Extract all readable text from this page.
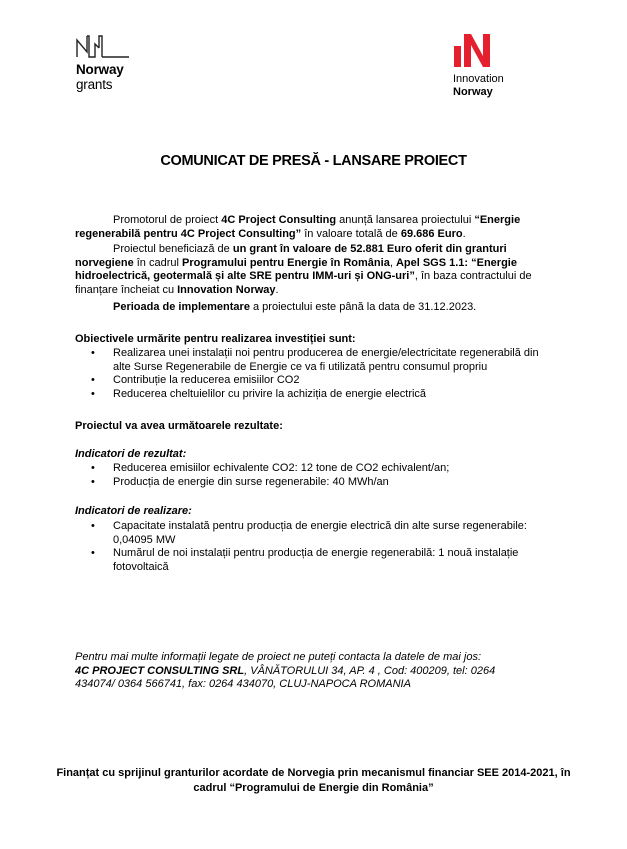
Norway
grants	Innovation
Norway
COMUNICAT DE PRESĂ - LANSARE PROIECT
Promotorul de proiect 4C Project Consulting anunță lansarea proiectului “Energie regenerabilă pentru 4C Project Consulting” în valoare totală de 69.686 Euro.
Proiectul beneficiază de un grant în valoare de 52.881 Euro oferit din granturi norvegiene în cadrul Programului pentru Energie în România, Apel SGS 1.1: “Energie hidroelectrică, geotermală și alte SRE pentru IMM-uri și ONG-uri”, în baza contractului de finanțare încheiat cu Innovation Norway.
Perioada de implementare a proiectului este până la data de 31.12.2023.
Obiectivele urmărite pentru realizarea investiției sunt:
• Realizarea unei instalații noi pentru producerea de energie/electricitate regenerabilă din alte Surse Regenerabile de Energie ce va fi utilizată pentru consumul propriu
• Contribuție la reducerea emisiilor CO2
• Reducerea cheltuielilor cu privire la achiziția de energie electrică
Proiectul va avea următoarele rezultate:
Indicatori de rezultat:
• Reducerea emisiilor echivalente CO2: 12 tone de CO2 echivalent/an;
• Producția de energie din surse regenerabile: 40 MWh/an
Indicatori de realizare:
• Capacitate instalată pentru producția de energie electrică din alte surse regenerabile: 0,04095 MW
• Numărul de noi instalații pentru producția de energie regenerabilă: 1 nouă instalație fotovoltaică
Pentru mai multe informații legate de proiect ne puteți contacta la datele de mai jos:
4C PROJECT CONSULTING SRL, VÂNĂTORULUI 34, AP. 4 , Cod: 400209, tel: 0264 434074/ 0364 566741, fax: 0264 434070, CLUJ-NAPOCA ROMANIA
Finanțat cu sprijinul granturilor acordate de Norvegia prin mecanismul financiar SEE 2014-2021, în
cadrul “Programului de Energie din România”
